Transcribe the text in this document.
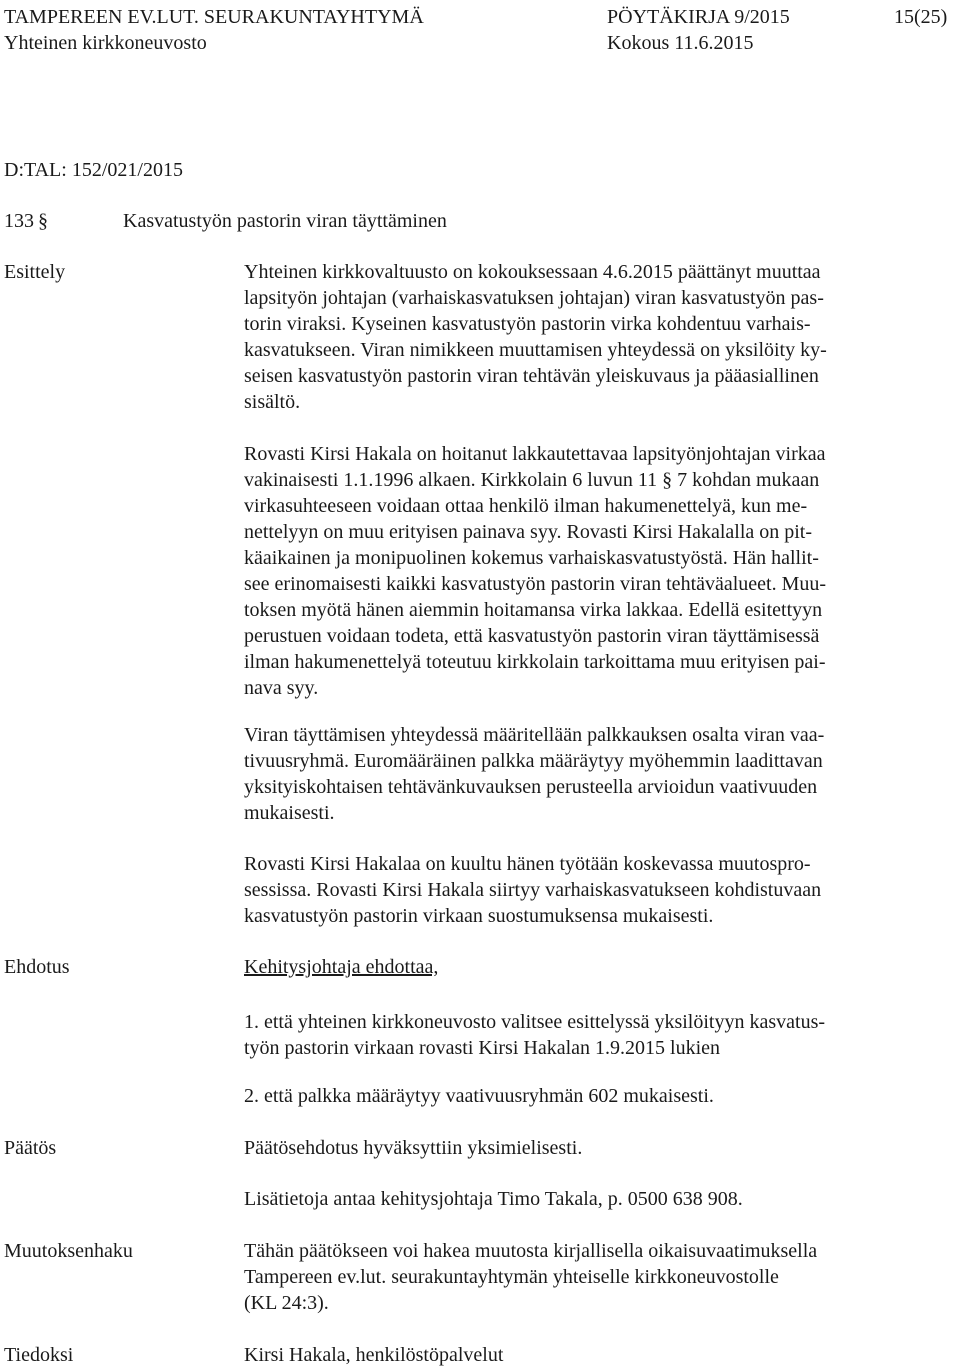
TAMPEREEN EV.LUT. SEURAKUNTAYHTYMÄ	PÖYTÄKIRJA 9/2015	15(25)
Yhteinen kirkkoneuvosto	Kokous 11.6.2015
D:TAL: 152/021/2015
133 §	Kasvatustyön pastorin viran täyttäminen
Esittely	Yhteinen kirkkovaltuusto on kokouksessaan 4.6.2015 päättänyt muuttaa
lapsityön johtajan (varhaiskasvatuksen johtajan) viran kasvatustyön pas-
torin viraksi. Kyseinen kasvatustyön pastorin virka kohdentuu varhais-
kasvatukseen. Viran nimikkeen muuttamisen yhteydessä on yksilöity ky-
seisen kasvatustyön pastorin viran tehtävän yleiskuvaus ja pääasiallinen
sisältö.
Rovasti Kirsi Hakala on hoitanut lakkautettavaa lapsityönjohtajan virkaa
vakinaisesti 1.1.1996 alkaen. Kirkkolain 6 luvun 11 § 7 kohdan mukaan
virkasuhteeseen voidaan ottaa henkilö ilman hakumenettelyä, kun me-
nettelyyn on muu erityisen painava syy. Rovasti Kirsi Hakalalla on pit-
käaikainen ja monipuolinen kokemus varhaiskasvatustyöstä. Hän hallit-
see erinomaisesti kaikki kasvatustyön pastorin viran tehtäväalueet. Muu-
toksen myötä hänen aiemmin hoitamansa virka lakkaa. Edellä esitettyyn
perustuen voidaan todeta, että kasvatustyön pastorin viran täyttämisessä
ilman hakumenettelyä toteutuu kirkkolain tarkoittama muu erityisen pai-
nava syy.
Viran täyttämisen yhteydessä määritellään palkkauksen osalta viran vaa-
tivuusryhmä. Euromääräinen palkka määräytyy myöhemmin laadittavan
yksityiskohtaisen tehtävänkuvauksen perusteella arvioidun vaativuuden
mukaisesti.
Rovasti Kirsi Hakalaa on kuultu hänen työtään koskevassa muutospro-
sessissa. Rovasti Kirsi Hakala siirtyy varhaiskasvatukseen kohdistuvaan
kasvatustyön pastorin virkaan suostumuksensa mukaisesti.
Ehdotus	Kehitysjohtaja ehdottaa,
1. että yhteinen kirkkoneuvosto valitsee esittelyssä yksilöityyn kasvatus-
työn pastorin virkaan rovasti Kirsi Hakalan 1.9.2015 lukien
2. että palkka määräytyy vaativuusryhmän 602 mukaisesti.
Päätös	Päätösehdotus hyväksyttiin yksimielisesti.
Lisätietoja antaa kehitysjohtaja Timo Takala, p. 0500 638 908.
Muutoksenhaku	Tähän päätökseen voi hakea muutosta kirjallisella oikaisuvaatimuksella
Tampereen ev.lut. seurakuntayhtymän yhteiselle kirkkoneuvostolle
(KL 24:3).
Tiedoksi	Kirsi Hakala, henkilöstöpalvelut
